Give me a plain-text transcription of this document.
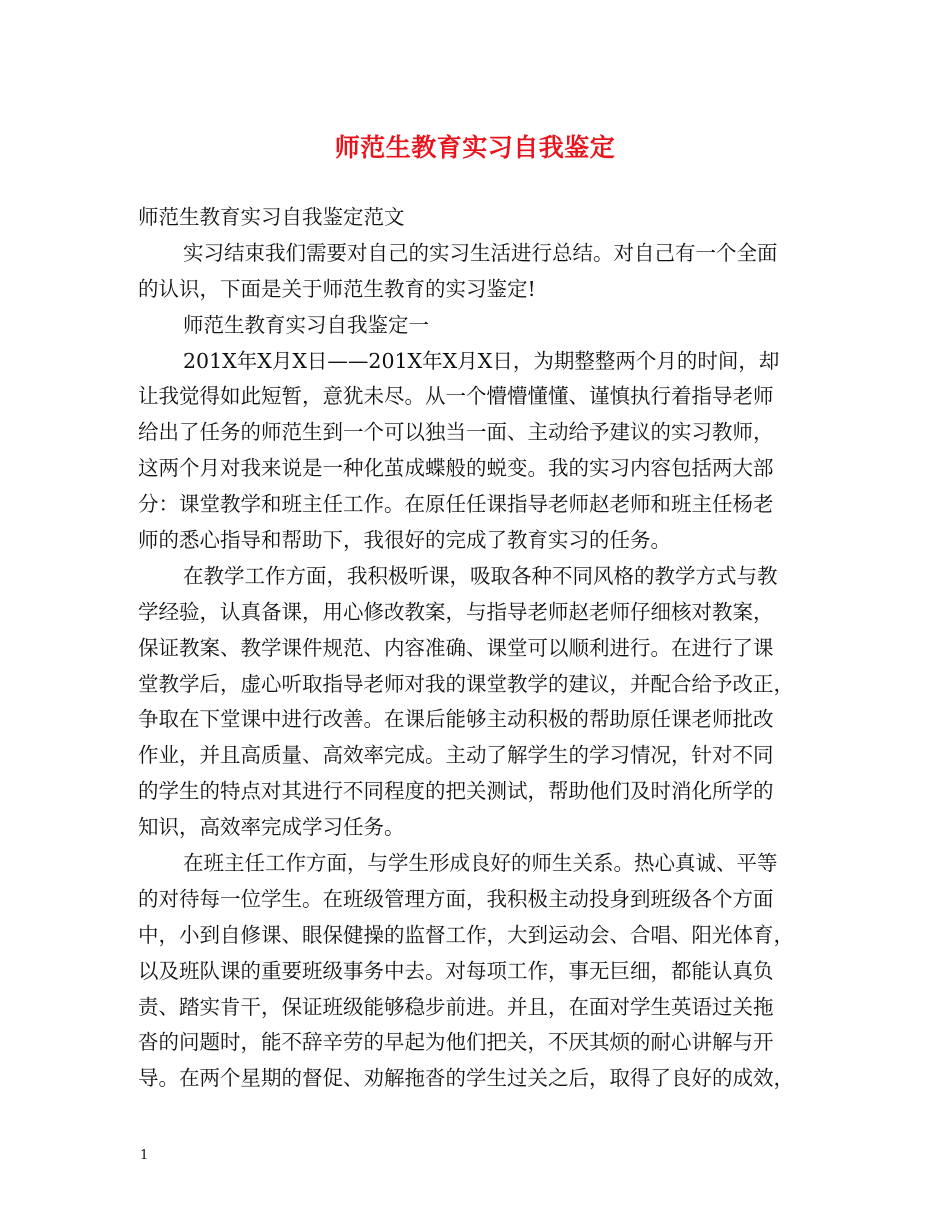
师范生教育实习自我鉴定
师范生教育实习自我鉴定范文
实习结束我们需要对自己的实习生活进行总结。对自己有一个全面
的认识，下面是关于师范生教育的实习鉴定!
师范生教育实习自我鉴定一
201X年X月X日——201X年X月X日，为期整整两个月的时间，却
让我觉得如此短暂，意犹未尽。从一个懵懵懂懂、谨慎执行着指导老师
给出了任务的师范生到一个可以独当一面、主动给予建议的实习教师，
这两个月对我来说是一种化茧成蝶般的蜕变。我的实习内容包括两大部
分：课堂教学和班主任工作。在原任任课指导老师赵老师和班主任杨老
师的悉心指导和帮助下，我很好的完成了教育实习的任务。
在教学工作方面，我积极听课，吸取各种不同风格的教学方式与教
学经验，认真备课，用心修改教案，与指导老师赵老师仔细核对教案，
保证教案、教学课件规范、内容准确、课堂可以顺利进行。在进行了课
堂教学后，虚心听取指导老师对我的课堂教学的建议，并配合给予改正，
争取在下堂课中进行改善。在课后能够主动积极的帮助原任课老师批改
作业，并且高质量、高效率完成。主动了解学生的学习情况，针对不同
的学生的特点对其进行不同程度的把关测试，帮助他们及时消化所学的
知识，高效率完成学习任务。
在班主任工作方面，与学生形成良好的师生关系。热心真诚、平等
的对待每一位学生。在班级管理方面，我积极主动投身到班级各个方面
中，小到自修课、眼保健操的监督工作，大到运动会、合唱、阳光体育，
以及班队课的重要班级事务中去。对每项工作，事无巨细，都能认真负
责、踏实肯干，保证班级能够稳步前进。并且，在面对学生英语过关拖
沓的问题时，能不辞辛劳的早起为他们把关，不厌其烦的耐心讲解与开
导。在两个星期的督促、劝解拖沓的学生过关之后，取得了良好的成效，
1
